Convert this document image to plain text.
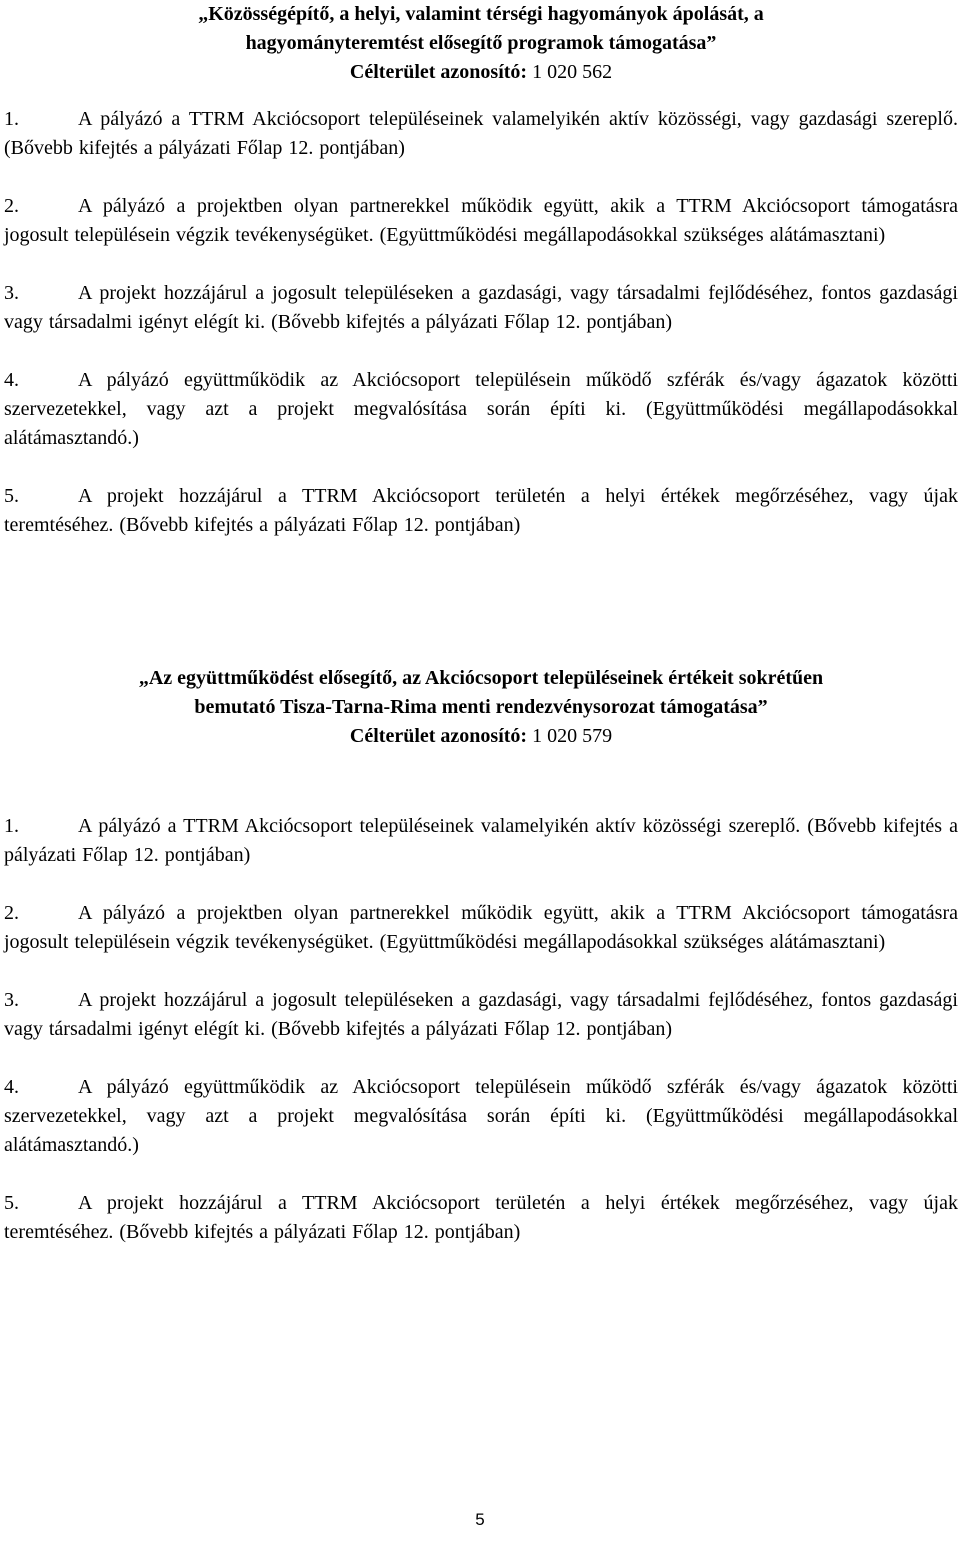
„Közösségépítő, a helyi, valamint térségi hagyományok ápolását, a
hagyományteremtést elősegítő programok támogatása”
Célterület azonosító: 1 020 562

1.	A pályázó a TTRM Akciócsoport településeinek valamelyikén aktív közösségi, vagy gazdasági szereplő. (Bővebb kifejtés a pályázati Főlap 12. pontjában)

2.	A pályázó a projektben olyan partnerekkel működik együtt, akik a TTRM Akciócsoport támogatásra jogosult településein végzik tevékenységüket. (Együttműködési megállapodásokkal szükséges alátámasztani)

3.	A projekt hozzájárul a jogosult településeken a gazdasági, vagy társadalmi fejlődéséhez, fontos gazdasági vagy társadalmi igényt elégít ki. (Bővebb kifejtés a pályázati Főlap 12. pontjában)

4.	A pályázó együttműködik az Akciócsoport településein működő szférák és/vagy ágazatok közötti szervezetekkel, vagy azt a projekt megvalósítása során építi ki. (Együttműködési megállapodásokkal alátámasztandó.)

5.	A projekt hozzájárul a TTRM Akciócsoport területén a helyi értékek megőrzéséhez, vagy újak teremtéséhez. (Bővebb kifejtés a pályázati Főlap 12. pontjában)

„Az együttműködést elősegítő, az Akciócsoport településeinek értékeit sokrétűen
bemutató Tisza-Tarna-Rima menti rendezvénysorozat támogatása”
Célterület azonosító: 1 020 579

1.	A pályázó a TTRM Akciócsoport településeinek valamelyikén aktív közösségi szereplő. (Bővebb kifejtés a pályázati Főlap 12. pontjában)

2.	A pályázó a projektben olyan partnerekkel működik együtt, akik a TTRM Akciócsoport támogatásra jogosult településein végzik tevékenységüket. (Együttműködési megállapodásokkal szükséges alátámasztani)

3.	A projekt hozzájárul a jogosult településeken a gazdasági, vagy társadalmi fejlődéséhez, fontos gazdasági vagy társadalmi igényt elégít ki. (Bővebb kifejtés a pályázati Főlap 12. pontjában)

4.	A pályázó együttműködik az Akciócsoport településein működő szférák és/vagy ágazatok közötti szervezetekkel, vagy azt a projekt megvalósítása során építi ki. (Együttműködési megállapodásokkal alátámasztandó.)

5.	A projekt hozzájárul a TTRM Akciócsoport területén a helyi értékek megőrzéséhez, vagy újak teremtéséhez. (Bővebb kifejtés a pályázati Főlap 12. pontjában)

5
